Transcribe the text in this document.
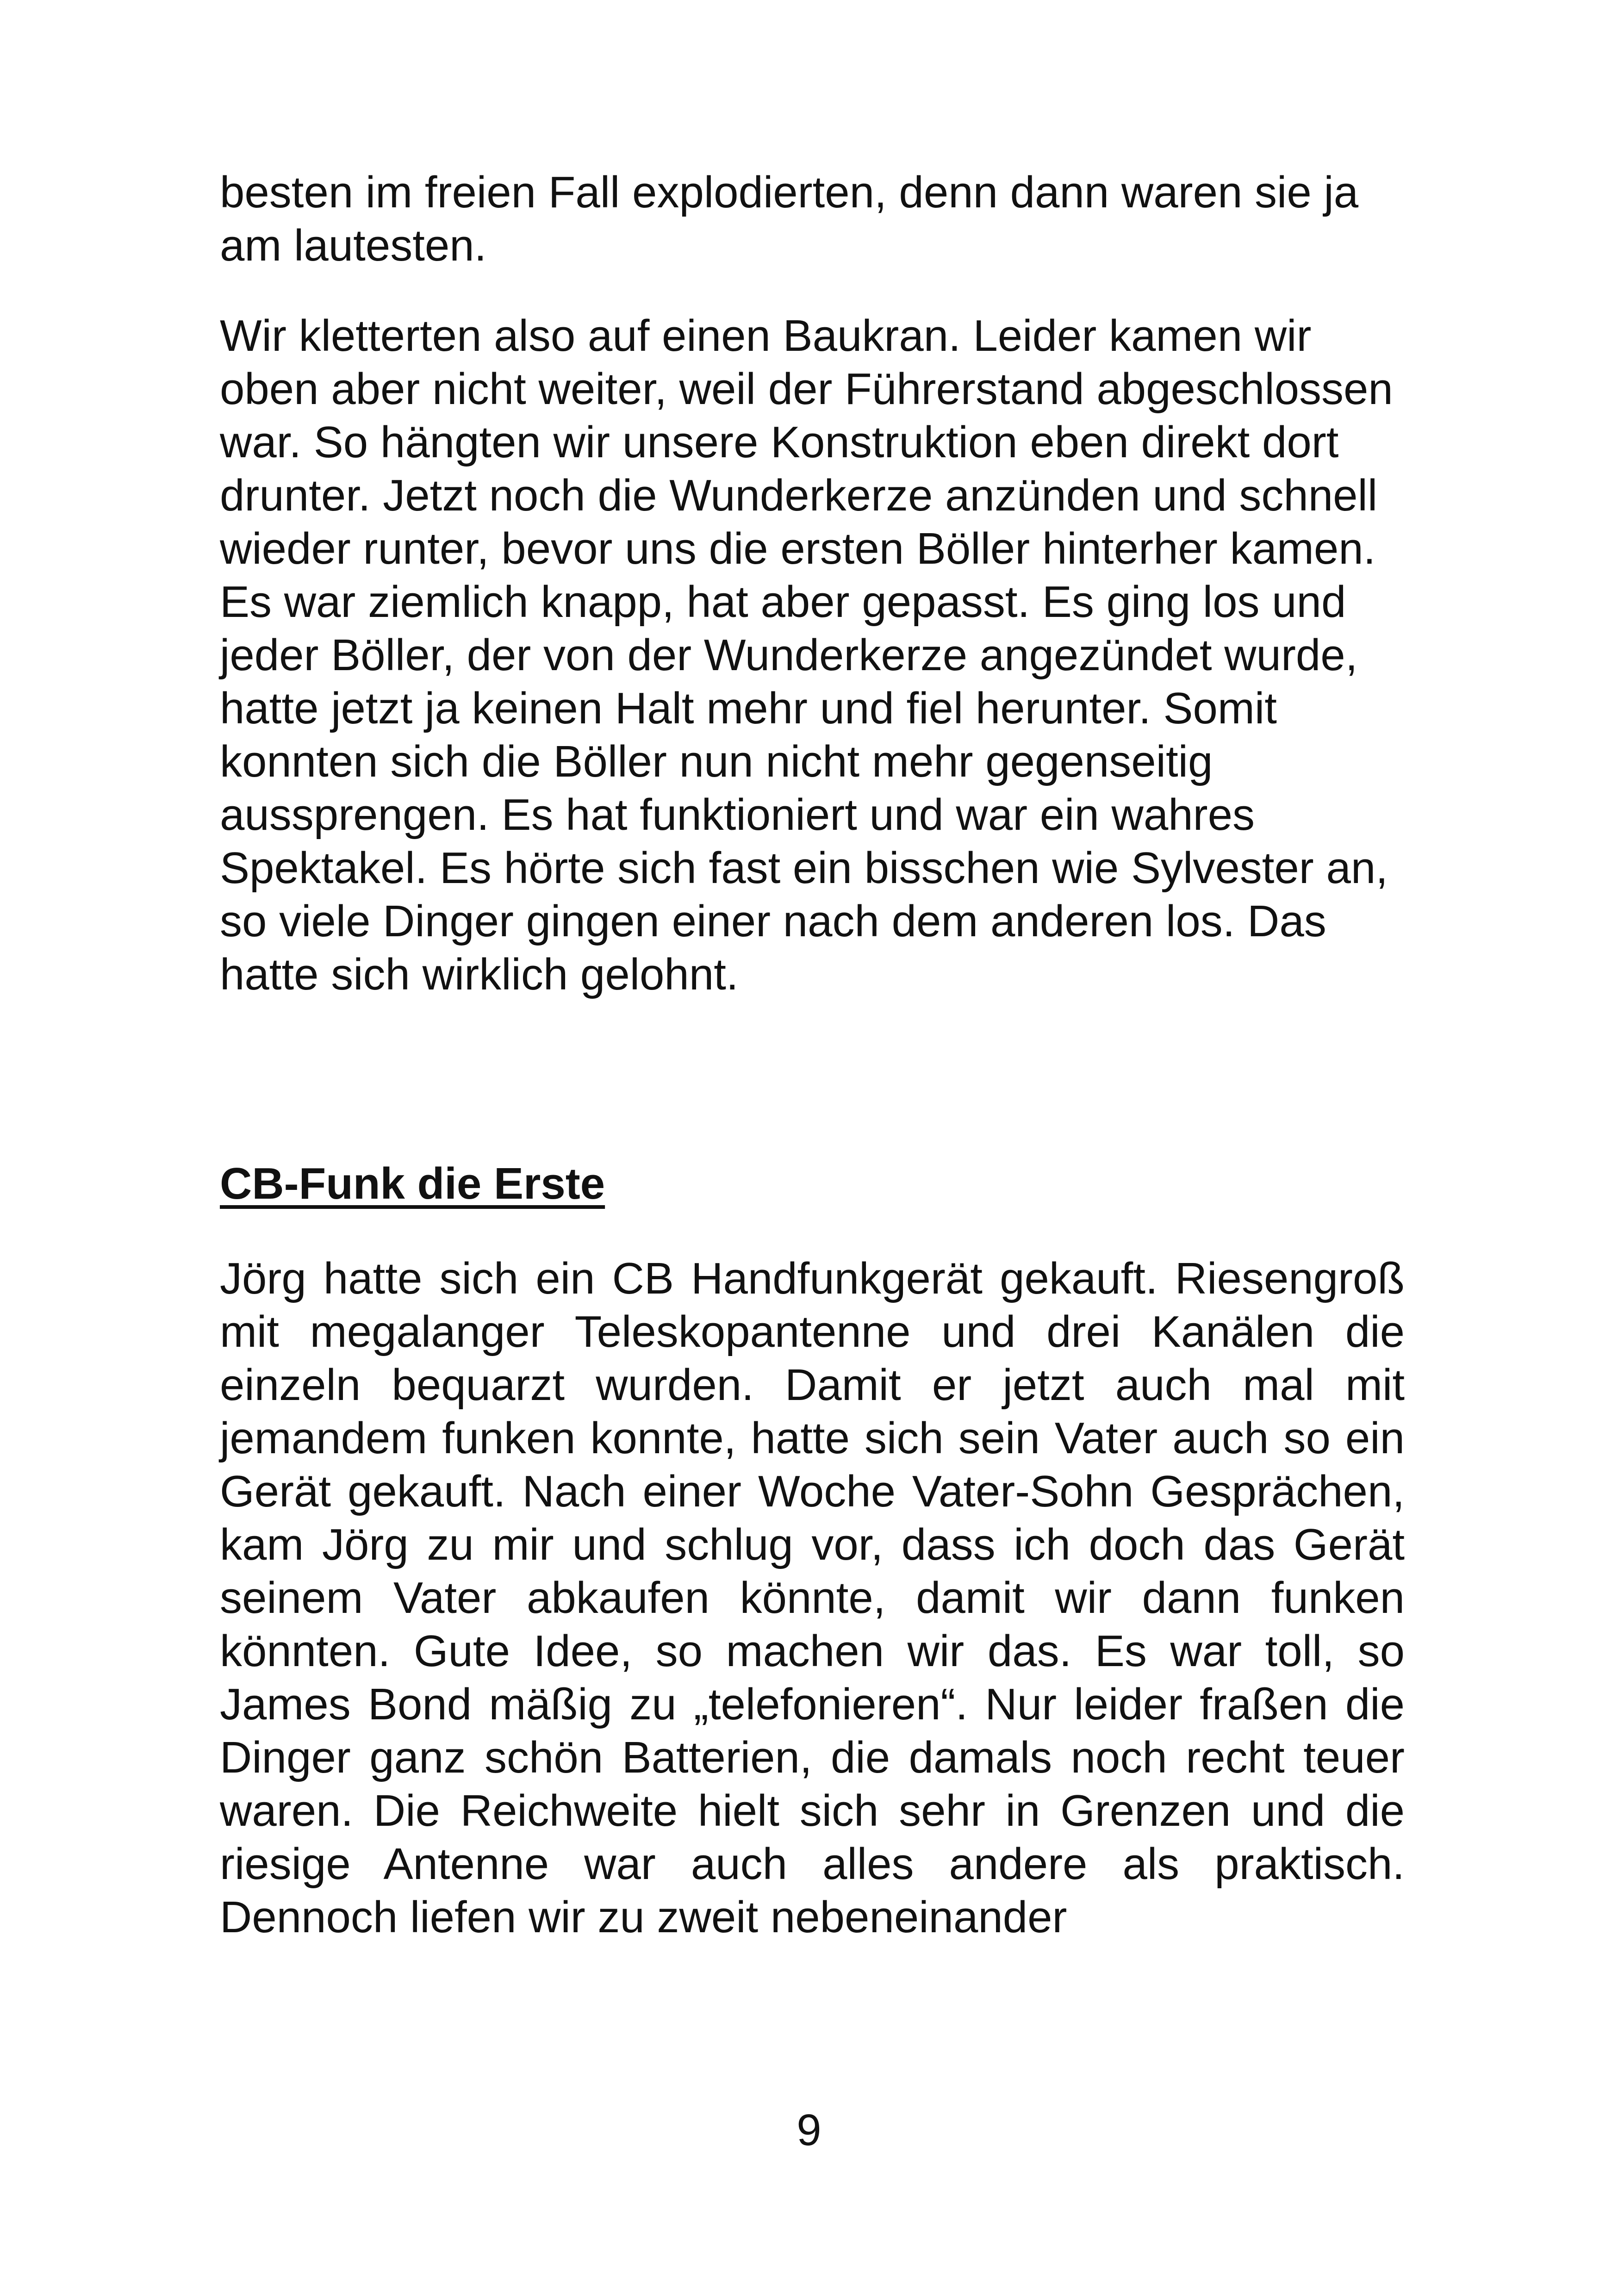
besten im freien Fall explodierten, denn dann waren sie ja am lautesten.

Wir kletterten also auf einen Baukran. Leider kamen wir oben aber nicht weiter, weil der Führerstand abgeschlossen war. So hängten wir unsere Konstruktion eben direkt dort drunter. Jetzt noch die Wunderkerze anzünden und schnell wieder runter, bevor uns die ersten Böller hinterher kamen. Es war ziemlich knapp, hat aber gepasst. Es ging los und jeder Böller, der von der Wunderkerze angezündet wurde, hatte jetzt ja keinen Halt mehr und fiel herunter. Somit konnten sich die Böller nun nicht mehr gegenseitig aussprengen. Es hat funktioniert und war ein wahres Spektakel. Es hörte sich fast ein bisschen wie Sylvester an, so viele Dinger gingen einer nach dem anderen los. Das hatte sich wirklich gelohnt.

CB-Funk die Erste

Jörg hatte sich ein CB Handfunkgerät gekauft. Riesengroß mit megalanger Teleskopantenne und drei Kanälen die einzeln bequarzt wurden. Damit er jetzt auch mal mit jemandem funken konnte, hatte sich sein Vater auch so ein Gerät gekauft. Nach einer Woche Vater-Sohn Gesprächen, kam Jörg zu mir und schlug vor, dass ich doch das Gerät seinem Vater abkaufen könnte, damit wir dann funken könnten. Gute Idee, so machen wir das. Es war toll, so James Bond mäßig zu „telefonieren“. Nur leider fraßen die Dinger ganz schön Batterien, die damals noch recht teuer waren. Die Reichweite hielt sich sehr in Grenzen und die riesige Antenne war auch alles andere als praktisch. Dennoch liefen wir zu zweit nebeneinander

9
